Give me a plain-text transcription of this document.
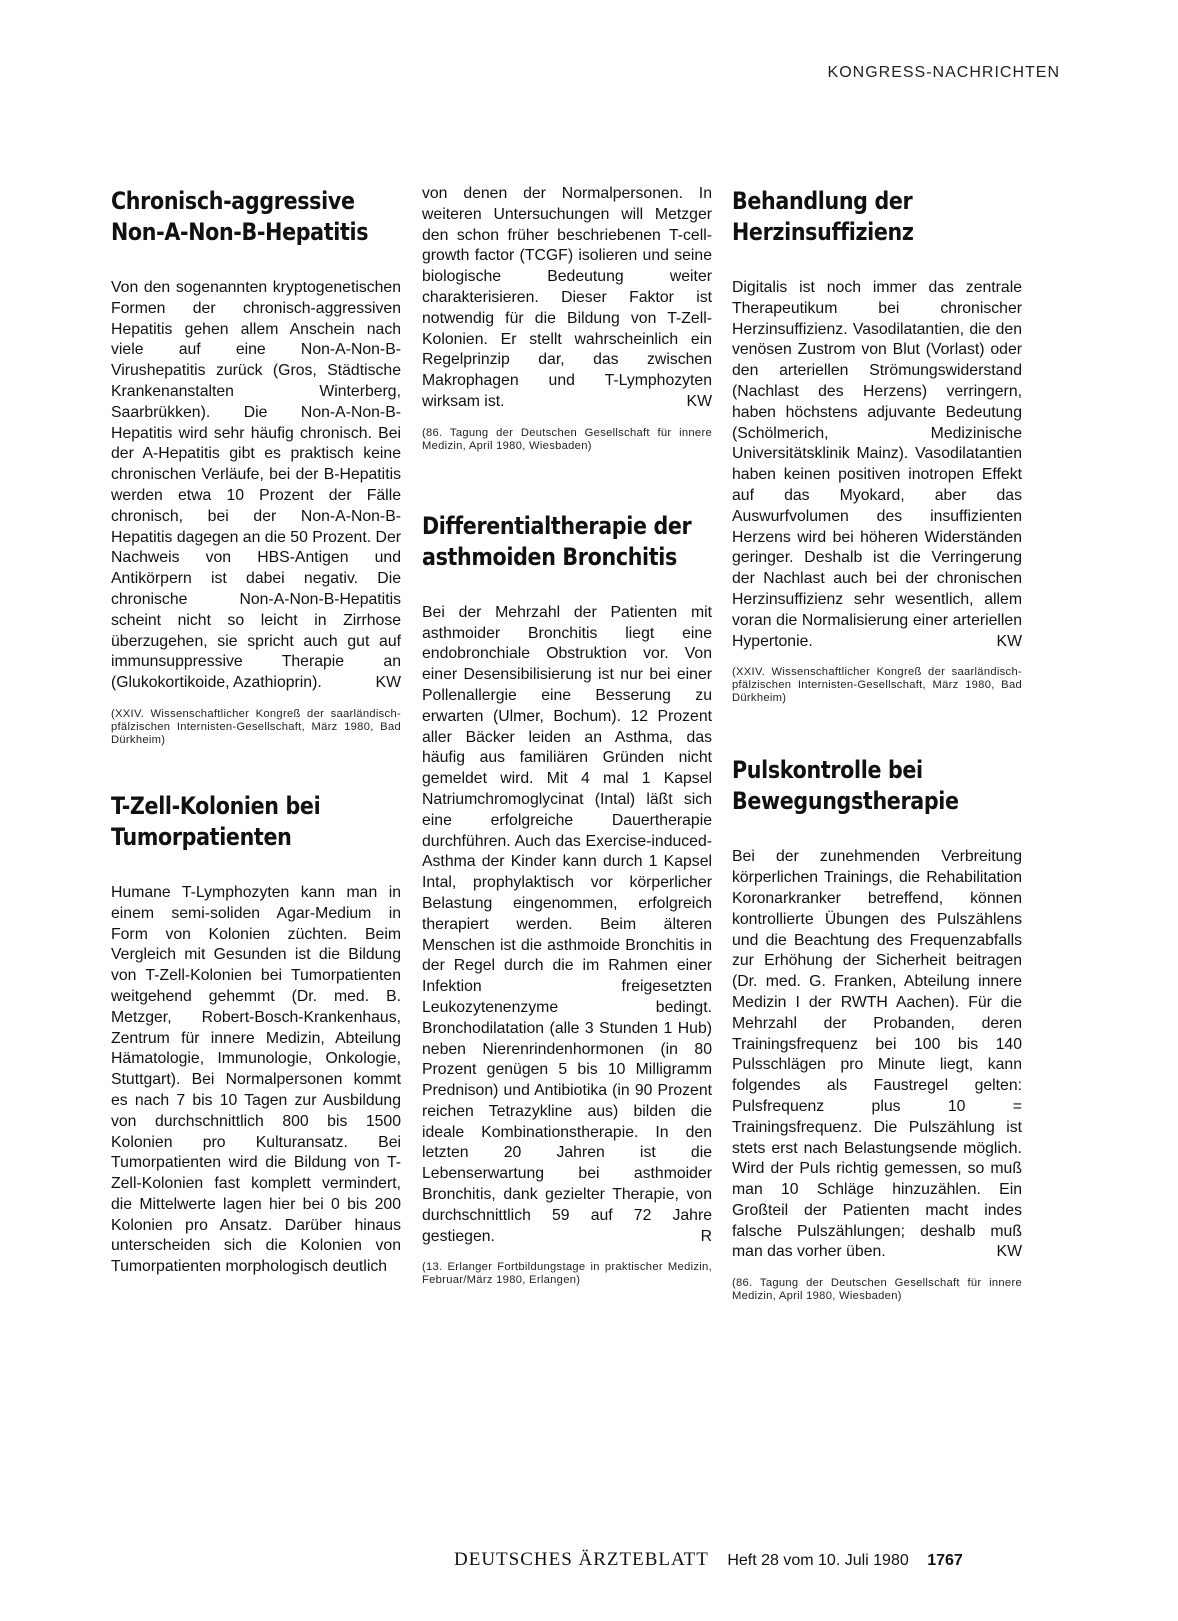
KONGRESS-NACHRICHTEN
Chronisch-aggressive Non-A-Non-B-Hepatitis

Von den sogenannten kryptogenetischen Formen der chronisch-aggressiven Hepatitis gehen allem Anschein nach viele auf eine Non-A-Non-B-Virushepatitis zurück (Gros, Städtische Krankenanstalten Winterberg, Saarbrükken). Die Non-A-Non-B-Hepatitis wird sehr häufig chronisch. Bei der A-Hepatitis gibt es praktisch keine chronischen Verläufe, bei der B-Hepatitis werden etwa 10 Prozent der Fälle chronisch, bei der Non-A-Non-B-Hepatitis dagegen an die 50 Prozent. Der Nachweis von HBS-Antigen und Antikörpern ist dabei negativ. Die chronische Non-A-Non-B-Hepatitis scheint nicht so leicht in Zirrhose überzugehen, sie spricht auch gut auf immunsuppressive Therapie an (Glukokortikoide, Azathioprin).	KW

(XXIV. Wissenschaftlicher Kongreß der saarländisch-pfälzischen Internisten-Gesellschaft, März 1980, Bad Dürkheim)

T-Zell-Kolonien bei Tumorpatienten

Humane T-Lymphozyten kann man in einem semi-soliden Agar-Medium in Form von Kolonien züchten. Beim Vergleich mit Gesunden ist die Bildung von T-Zell-Kolonien bei Tumorpatienten weitgehend gehemmt (Dr. med. B. Metzger, Robert-Bosch-Krankenhaus, Zentrum für innere Medizin, Abteilung Hämatologie, Immunologie, Onkologie, Stuttgart). Bei Normalpersonen kommt es nach 7 bis 10 Tagen zur Ausbildung von durchschnittlich 800 bis 1500 Kolonien pro Kulturansatz. Bei Tumorpatienten wird die Bildung von T-Zell-Kolonien fast komplett vermindert, die Mittelwerte lagen hier bei 0 bis 200 Kolonien pro Ansatz. Darüber hinaus unterscheiden sich die Kolonien von Tumorpatienten morphologisch deutlich

von denen der Normalpersonen. In weiteren Untersuchungen will Metzger den schon früher beschriebenen T-cell-growth factor (TCGF) isolieren und seine biologische Bedeutung weiter charakterisieren. Dieser Faktor ist notwendig für die Bildung von T-Zell-Kolonien. Er stellt wahrscheinlich ein Regelprinzip dar, das zwischen Makrophagen und T-Lymphozyten wirksam ist.	KW

(86. Tagung der Deutschen Gesellschaft für innere Medizin, April 1980, Wiesbaden)

Differentialtherapie der asthmoiden Bronchitis

Bei der Mehrzahl der Patienten mit asthmoider Bronchitis liegt eine endobronchiale Obstruktion vor. Von einer Desensibilisierung ist nur bei einer Pollenallergie eine Besserung zu erwarten (Ulmer, Bochum). 12 Prozent aller Bäcker leiden an Asthma, das häufig aus familiären Gründen nicht gemeldet wird. Mit 4 mal 1 Kapsel Natriumchromoglycinat (Intal) läßt sich eine erfolgreiche Dauertherapie durchführen. Auch das Exercise-induced-Asthma der Kinder kann durch 1 Kapsel Intal, prophylaktisch vor körperlicher Belastung eingenommen, erfolgreich therapiert werden. Beim älteren Menschen ist die asthmoide Bronchitis in der Regel durch die im Rahmen einer Infektion freigesetzten Leukozytenenzyme bedingt. Bronchodilatation (alle 3 Stunden 1 Hub) neben Nierenrindenhormonen (in 80 Prozent genügen 5 bis 10 Milligramm Prednison) und Antibiotika (in 90 Prozent reichen Tetrazykline aus) bilden die ideale Kombinationstherapie. In den letzten 20 Jahren ist die Lebenserwartung bei asthmoider Bronchitis, dank gezielter Therapie, von durchschnittlich 59 auf 72 Jahre gestiegen.	R

(13. Erlanger Fortbildungstage in praktischer Medizin, Februar/März 1980, Erlangen)

Behandlung der Herzinsuffizienz

Digitalis ist noch immer das zentrale Therapeutikum bei chronischer Herzinsuffizienz. Vasodilatantien, die den venösen Zustrom von Blut (Vorlast) oder den arteriellen Strömungswiderstand (Nachlast des Herzens) verringern, haben höchstens adjuvante Bedeutung (Schölmerich, Medizinische Universitätsklinik Mainz). Vasodilatantien haben keinen positiven inotropen Effekt auf das Myokard, aber das Auswurfvolumen des insuffizienten Herzens wird bei höheren Widerständen geringer. Deshalb ist die Verringerung der Nachlast auch bei der chronischen Herzinsuffizienz sehr wesentlich, allem voran die Normalisierung einer arteriellen Hypertonie.	KW

(XXIV. Wissenschaftlicher Kongreß der saarländisch-pfälzischen Internisten-Gesellschaft, März 1980, Bad Dürkheim)

Pulskontrolle bei Bewegungstherapie

Bei der zunehmenden Verbreitung körperlichen Trainings, die Rehabilitation Koronarkranker betreffend, können kontrollierte Übungen des Pulszählens und die Beachtung des Frequenzabfalls zur Erhöhung der Sicherheit beitragen (Dr. med. G. Franken, Abteilung innere Medizin I der RWTH Aachen). Für die Mehrzahl der Probanden, deren Trainingsfrequenz bei 100 bis 140 Pulsschlägen pro Minute liegt, kann folgendes als Faustregel gelten: Pulsfrequenz plus 10 = Trainingsfrequenz. Die Pulszählung ist stets erst nach Belastungsende möglich. Wird der Puls richtig gemessen, so muß man 10 Schläge hinzuzählen. Ein Großteil der Patienten macht indes falsche Pulszählungen; deshalb muß man das vorher üben.	KW

(86. Tagung der Deutschen Gesellschaft für innere Medizin, April 1980, Wiesbaden)

DEUTSCHES ÄRZTEBLATT Heft 28 vom 10. Juli 1980 1767
